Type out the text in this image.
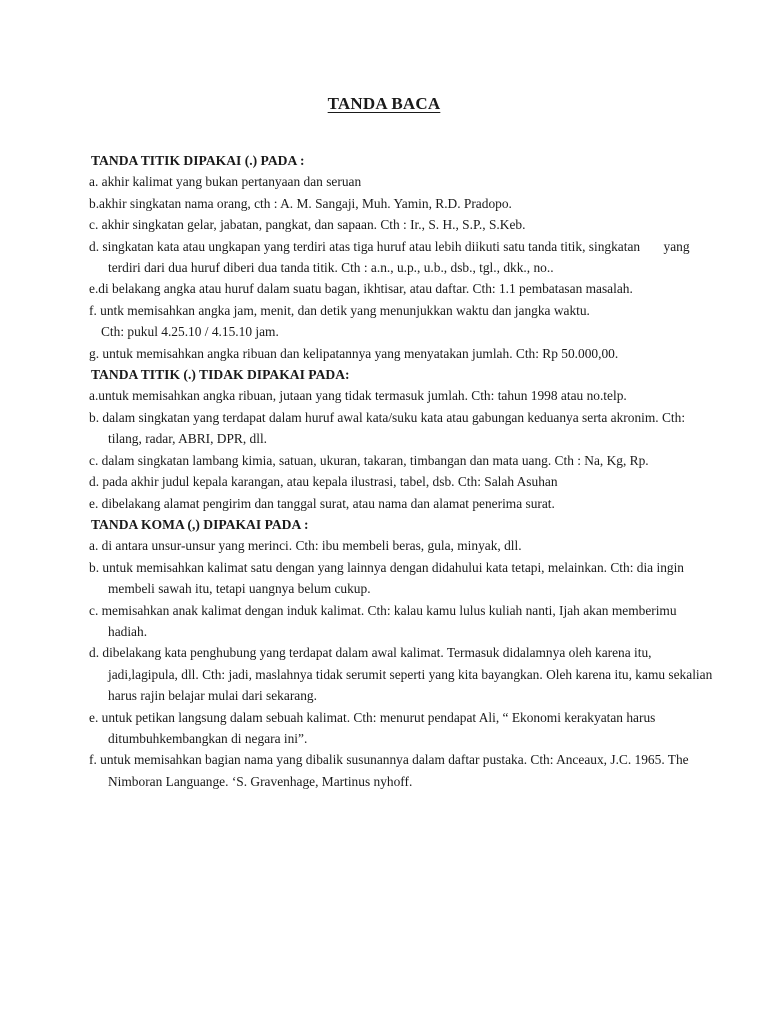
TANDA BACA
TANDA TITIK DIPAKAI (.) PADA :
a. akhir kalimat yang bukan pertanyaan dan seruan
b.akhir singkatan nama orang, cth : A. M. Sangaji, Muh. Yamin, R.D. Pradopo.
c. akhir singkatan gelar, jabatan, pangkat, dan sapaan. Cth : Ir., S. H., S.P., S.Keb.
d. singkatan kata atau ungkapan yang terdiri atas tiga huruf atau lebih diikuti satu tanda titik, singkatan       yang terdiri dari dua huruf diberi dua tanda titik. Cth : a.n., u.p., u.b., dsb., tgl., dkk., no..
e.di belakang angka atau huruf dalam suatu bagan, ikhtisar, atau daftar. Cth: 1.1 pembatasan masalah.
f. untk memisahkan angka jam, menit, dan detik yang menunjukkan waktu dan jangka waktu.
Cth: pukul 4.25.10 / 4.15.10 jam.
g. untuk memisahkan angka ribuan dan kelipatannya yang menyatakan jumlah. Cth: Rp 50.000,00.
TANDA TITIK (.) TIDAK DIPAKAI PADA:
a.untuk memisahkan angka ribuan, jutaan yang tidak termasuk jumlah. Cth: tahun 1998 atau no.telp.
b. dalam singkatan yang terdapat dalam huruf awal kata/suku kata atau gabungan keduanya serta akronim. Cth: tilang, radar, ABRI, DPR, dll.
c. dalam singkatan lambang kimia, satuan, ukuran, takaran, timbangan dan mata uang. Cth : Na, Kg, Rp.
d. pada akhir judul kepala karangan, atau kepala ilustrasi, tabel, dsb. Cth: Salah Asuhan
e. dibelakang alamat pengirim dan tanggal surat, atau nama dan alamat penerima surat.
TANDA KOMA (,) DIPAKAI PADA :
a. di antara unsur-unsur yang merinci. Cth: ibu membeli beras, gula, minyak, dll.
b. untuk memisahkan kalimat satu dengan yang lainnya dengan didahului kata tetapi, melainkan. Cth: dia ingin membeli sawah itu, tetapi uangnya belum cukup.
c. memisahkan anak kalimat dengan induk kalimat. Cth: kalau kamu lulus kuliah nanti, Ijah akan memberimu hadiah.
d. dibelakang kata penghubung yang terdapat dalam awal kalimat. Termasuk didalamnya oleh karena itu, jadi,lagipula, dll. Cth: jadi, maslahnya tidak serumit seperti yang kita bayangkan. Oleh karena itu, kamu sekalian harus rajin belajar mulai dari sekarang.
e. untuk petikan langsung dalam sebuah kalimat. Cth: menurut pendapat Ali, “ Ekonomi kerakyatan harus ditumbuhkembangkan di negara ini”.
f. untuk memisahkan bagian nama yang dibalik susunannya dalam daftar pustaka. Cth: Anceaux, J.C. 1965. The Nimboran Languange. ‘S. Gravenhage, Martinus nyhoff.
